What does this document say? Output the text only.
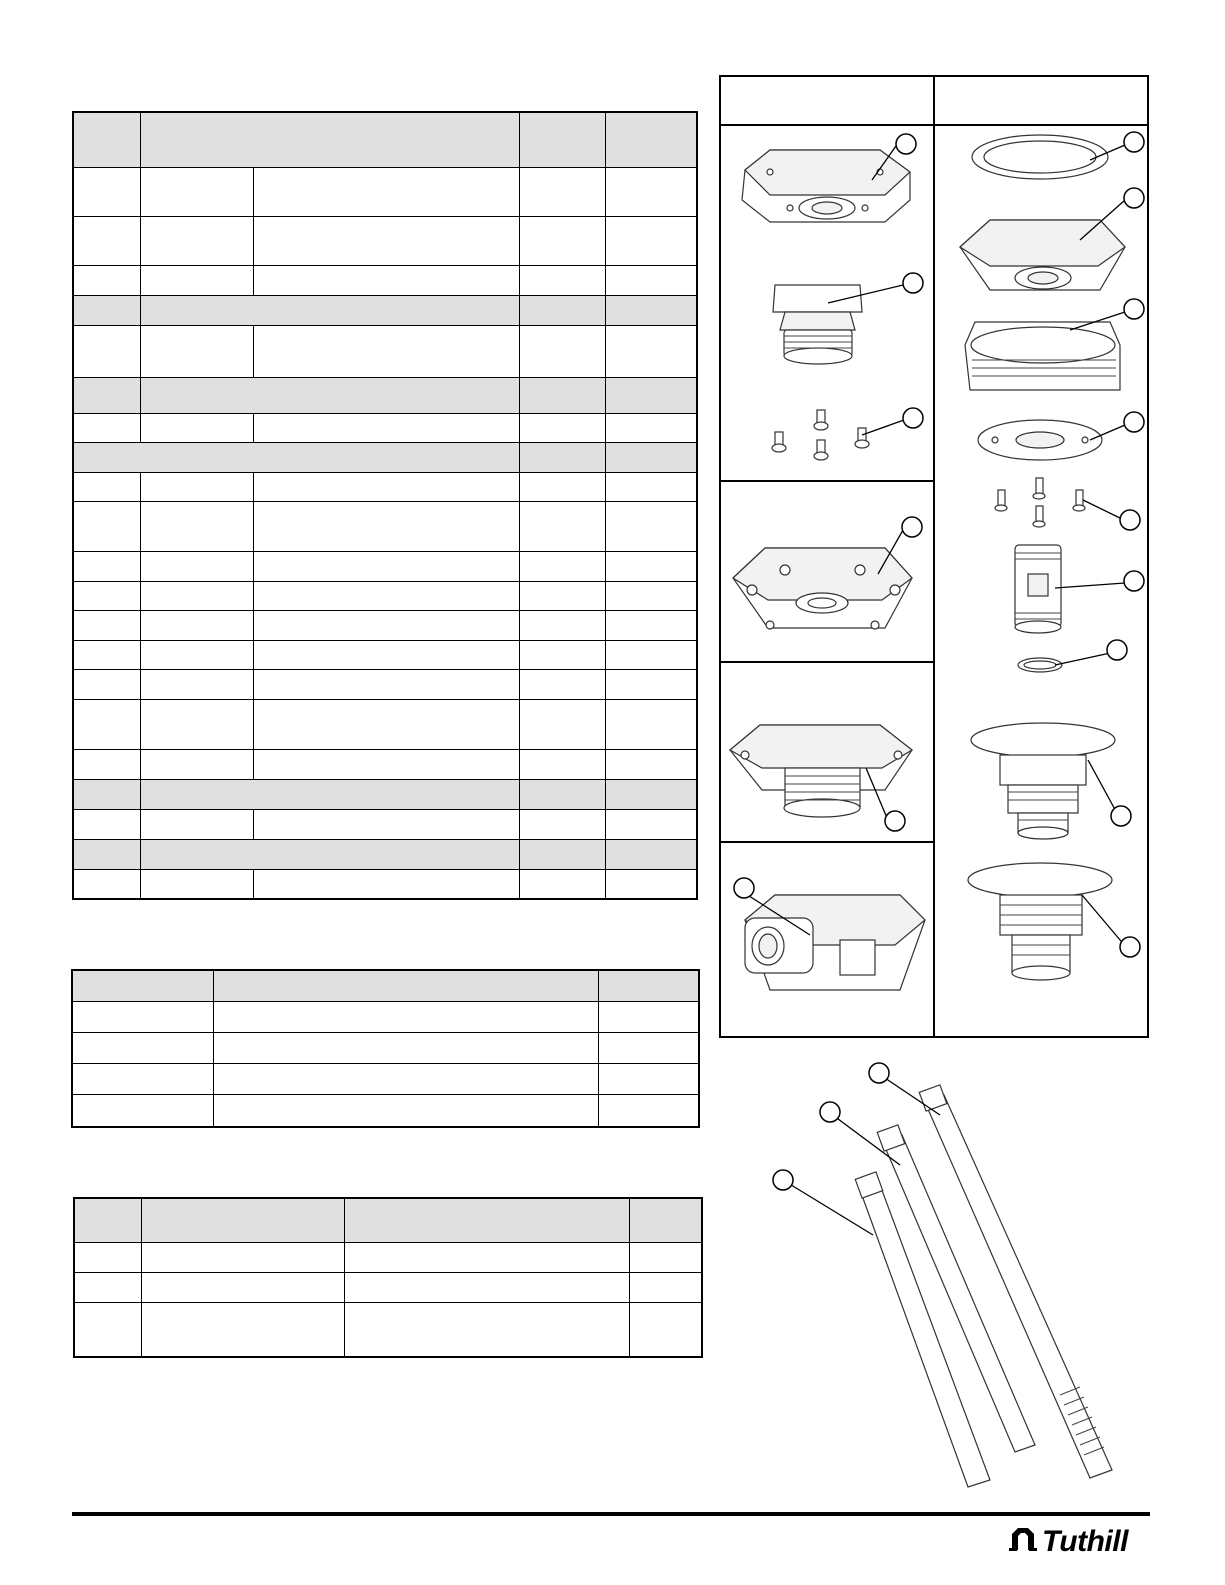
Tuthill
